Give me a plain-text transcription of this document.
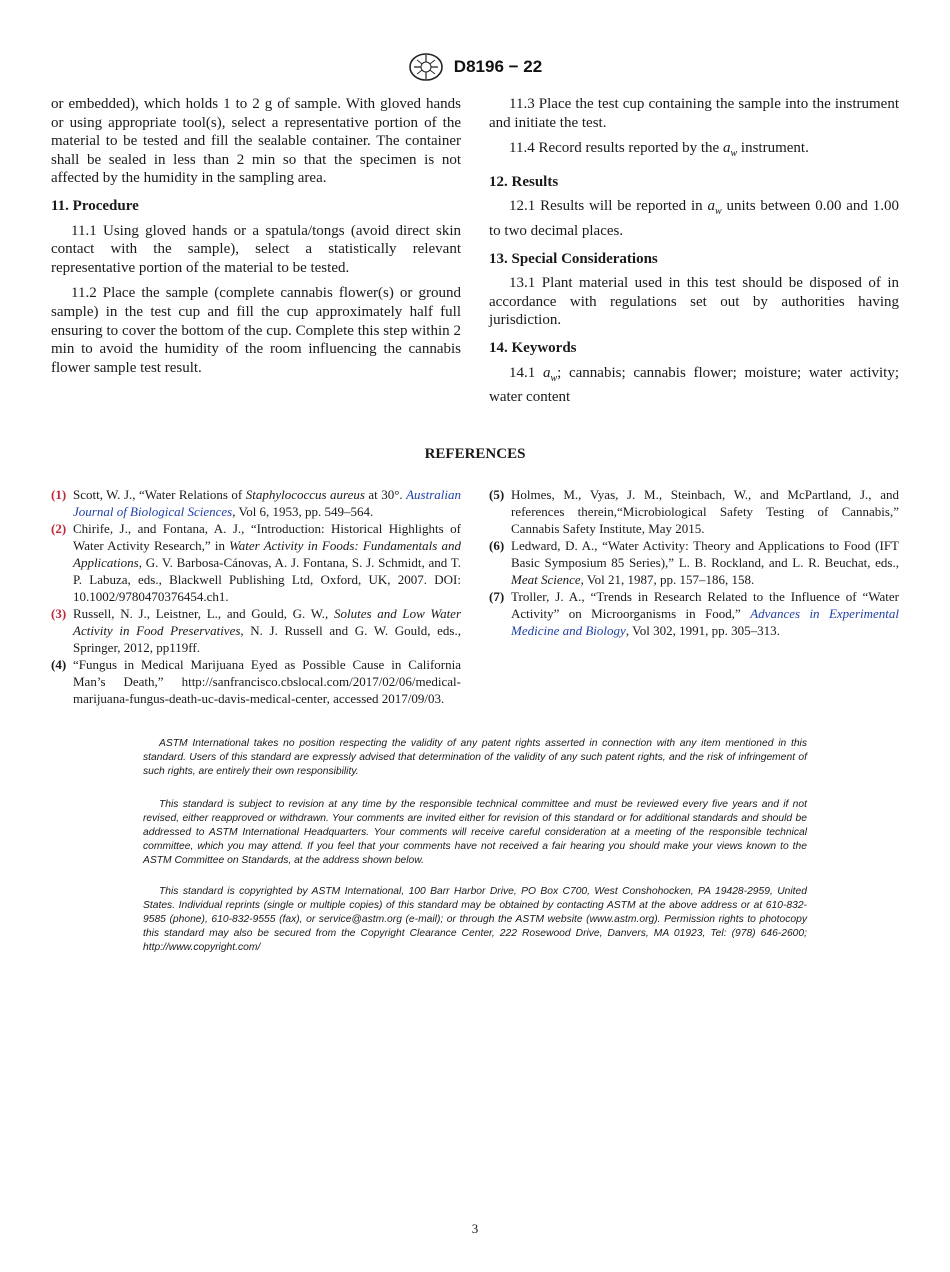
D8196 − 22

or embedded), which holds 1 to 2 g of sample. With gloved hands or using appropriate tool(s), select a representative portion of the material to be tested and fill the sealable container. The container shall be sealed in less than 2 min so that the specimen is not affected by the humidity in the sampling area.

11. Procedure

11.1 Using gloved hands or a spatula/tongs (avoid direct skin contact with the sample), select a statistically relevant representative portion of the material to be tested.

11.2 Place the sample (complete cannabis flower(s) or ground sample) in the test cup and fill the cup approximately half full ensuring to cover the bottom of the cup. Complete this step within 2 min to avoid the humidity of the room influencing the cannabis flower sample test result.

11.3 Place the test cup containing the sample into the instrument and initiate the test.

11.4 Record results reported by the $a_w$ instrument.

12. Results

12.1 Results will be reported in $a_w$ units between 0.00 and 1.00 to two decimal places.

13. Special Considerations

13.1 Plant material used in this test should be disposed of in accordance with regulations set out by authorities having jurisdiction.

14. Keywords

14.1 $a_w$; cannabis; cannabis flower; moisture; water activity; water content

REFERENCES
(1) Scott, W. J., “Water Relations of Staphylococcus aureus at 30°. Australian Journal of Biological Sciences, Vol 6, 1953, pp. 549–564.
(2) Chirife, J., and Fontana, A. J., “Introduction: Historical Highlights of Water Activity Research,” in Water Activity in Foods: Fundamentals and Applications, G. V. Barbosa-Cánovas, A. J. Fontana, S. J. Schmidt, and T. P. Labuza, eds., Blackwell Publishing Ltd, Oxford, UK, 2007. DOI: 10.1002/9780470376454.ch1.
(3) Russell, N. J., Leistner, L., and Gould, G. W., Solutes and Low Water Activity in Food Preservatives, N. J. Russell and G. W. Gould, eds., Springer, 2012, pp119ff.
(4) “Fungus in Medical Marijuana Eyed as Possible Cause in California Man’s Death,” http://sanfrancisco.cbslocal.com/2017/02/06/medical-marijuana-fungus-death-uc-davis-medical-center, accessed 2017/09/03.
(5) Holmes, M., Vyas, J. M., Steinbach, W., and McPartland, J., and references therein,“Microbiological Safety Testing of Cannabis,” Cannabis Safety Institute, May 2015.
(6) Ledward, D. A., “Water Activity: Theory and Applications to Food (IFT Basic Symposium 85 Series),” L. B. Rockland, and L. R. Beuchat, eds., Meat Science, Vol 21, 1987, pp. 157–186, 158.
(7) Troller, J. A., “Trends in Research Related to the Influence of “Water Activity” on Microorganisms in Food,” Advances in Experimental Medicine and Biology, Vol 302, 1991, pp. 305–313.

ASTM International takes no position respecting the validity of any patent rights asserted in connection with any item mentioned in this standard. Users of this standard are expressly advised that determination of the validity of any such patent rights, and the risk of infringement of such rights, are entirely their own responsibility.

This standard is subject to revision at any time by the responsible technical committee and must be reviewed every five years and if not revised, either reapproved or withdrawn. Your comments are invited either for revision of this standard or for additional standards and should be addressed to ASTM International Headquarters. Your comments will receive careful consideration at a meeting of the responsible technical committee, which you may attend. If you feel that your comments have not received a fair hearing you should make your views known to the ASTM Committee on Standards, at the address shown below.

This standard is copyrighted by ASTM International, 100 Barr Harbor Drive, PO Box C700, West Conshohocken, PA 19428-2959, United States. Individual reprints (single or multiple copies) of this standard may be obtained by contacting ASTM at the above address or at 610-832-9585 (phone), 610-832-9555 (fax), or service@astm.org (e-mail); or through the ASTM website (www.astm.org). Permission rights to photocopy this standard may also be secured from the Copyright Clearance Center, 222 Rosewood Drive, Danvers, MA 01923, Tel: (978) 646-2600; http://www.copyright.com/

3
